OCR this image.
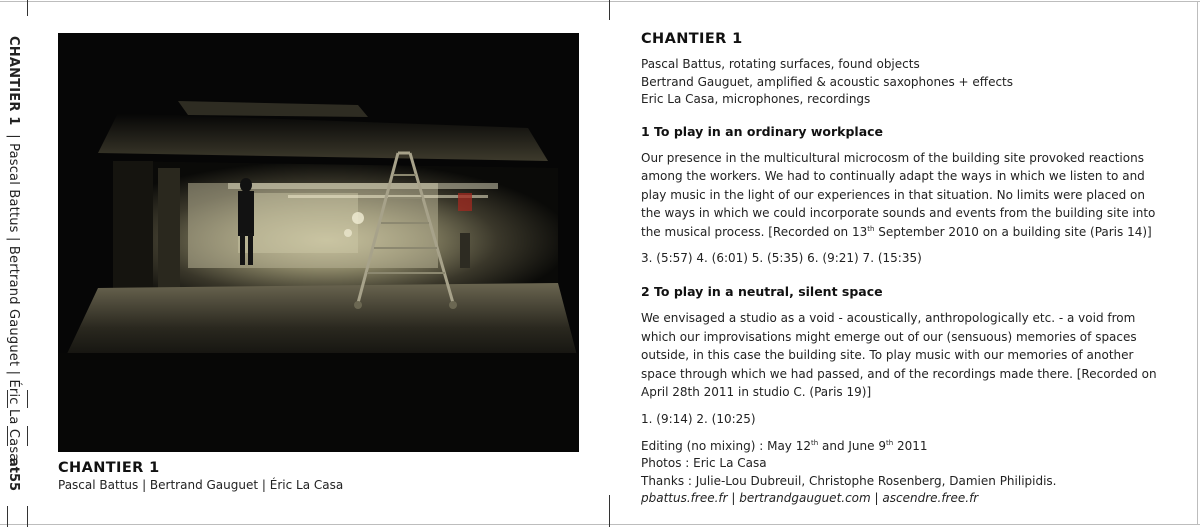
CHANTIER 1  | Pascal Battus | Bertrand Gauguet | Éric La Casa
at55	CHANTIER 1
Pascal Battus | Bertrand Gauguet | Éric La Casa
CHANTIER 1
Pascal Battus, rotating surfaces, found objects
Bertrand Gauguet, amplified & acoustic saxophones + effects
Eric La Casa, microphones, recordings
1 To play in an ordinary workplace
Our presence in the multicultural microcosm of the building site provoked reactions among the workers. We had to continually adapt the ways in which we listen to and play music in the light of our experiences in that situation. No limits were placed on the ways in which we could incorporate sounds and events from the building site into the musical process. [Recorded on 13th September 2010 on a building site (Paris 14)]
3. (5:57) 4. (6:01) 5. (5:35) 6. (9:21) 7. (15:35)
2 To play in a neutral, silent space
We envisaged a studio as a void - acoustically, anthropologically etc. - a void from which our improvisations might emerge out of our (sensuous) memories of spaces outside, in this case the building site. To play music with our memories of another space through which we had passed, and of the recordings made there. [Recorded on April 28th 2011 in studio C. (Paris 19)]
1. (9:14) 2. (10:25)
Editing (no mixing) : May 12th and June 9th 2011
Photos : Eric La Casa
Thanks : Julie-Lou Dubreuil, Christophe Rosenberg, Damien Philipidis.
pbattus.free.fr | bertrandgauguet.com | ascendre.free.fr
